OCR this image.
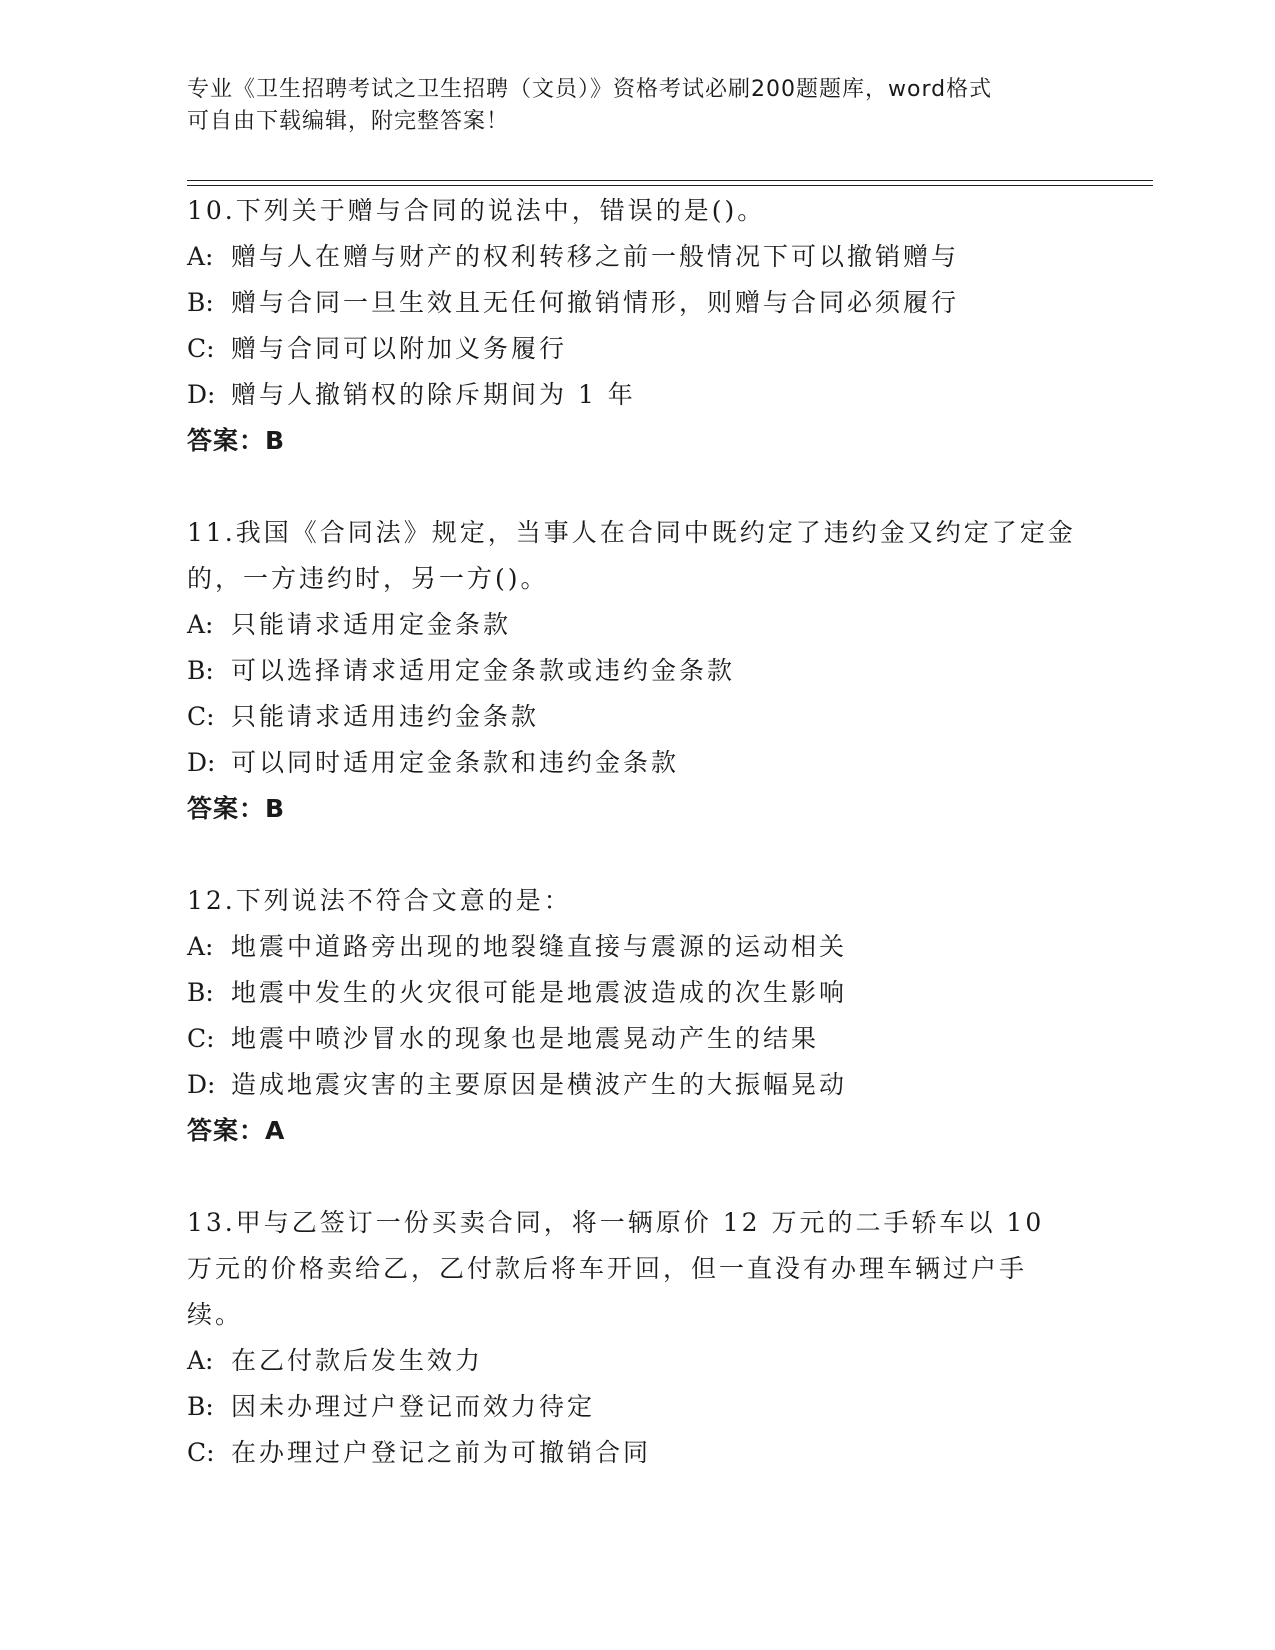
专业《卫生招聘考试之卫生招聘（文员）》资格考试必刷200题题库，word格式
可自由下载编辑，附完整答案！
10.下列关于赠与合同的说法中，错误的是()。
A: 赠与人在赠与财产的权利转移之前一般情况下可以撤销赠与
B: 赠与合同一旦生效且无任何撤销情形，则赠与合同必须履行
C: 赠与合同可以附加义务履行
D: 赠与人撤销权的除斥期间为 1 年
答案：B
11.我国《合同法》规定，当事人在合同中既约定了违约金又约定了定金的，一方违约时，另一方()。
A: 只能请求适用定金条款
B: 可以选择请求适用定金条款或违约金条款
C: 只能请求适用违约金条款
D: 可以同时适用定金条款和违约金条款
答案：B
12.下列说法不符合文意的是：
A: 地震中道路旁出现的地裂缝直接与震源的运动相关
B: 地震中发生的火灾很可能是地震波造成的次生影响
C: 地震中喷沙冒水的现象也是地震晃动产生的结果
D: 造成地震灾害的主要原因是横波产生的大振幅晃动
答案：A
13.甲与乙签订一份买卖合同，将一辆原价 12 万元的二手轿车以 10 万元的价格卖给乙，乙付款后将车开回，但一直没有办理车辆过户手续。
A: 在乙付款后发生效力
B: 因未办理过户登记而效力待定
C: 在办理过户登记之前为可撤销合同
